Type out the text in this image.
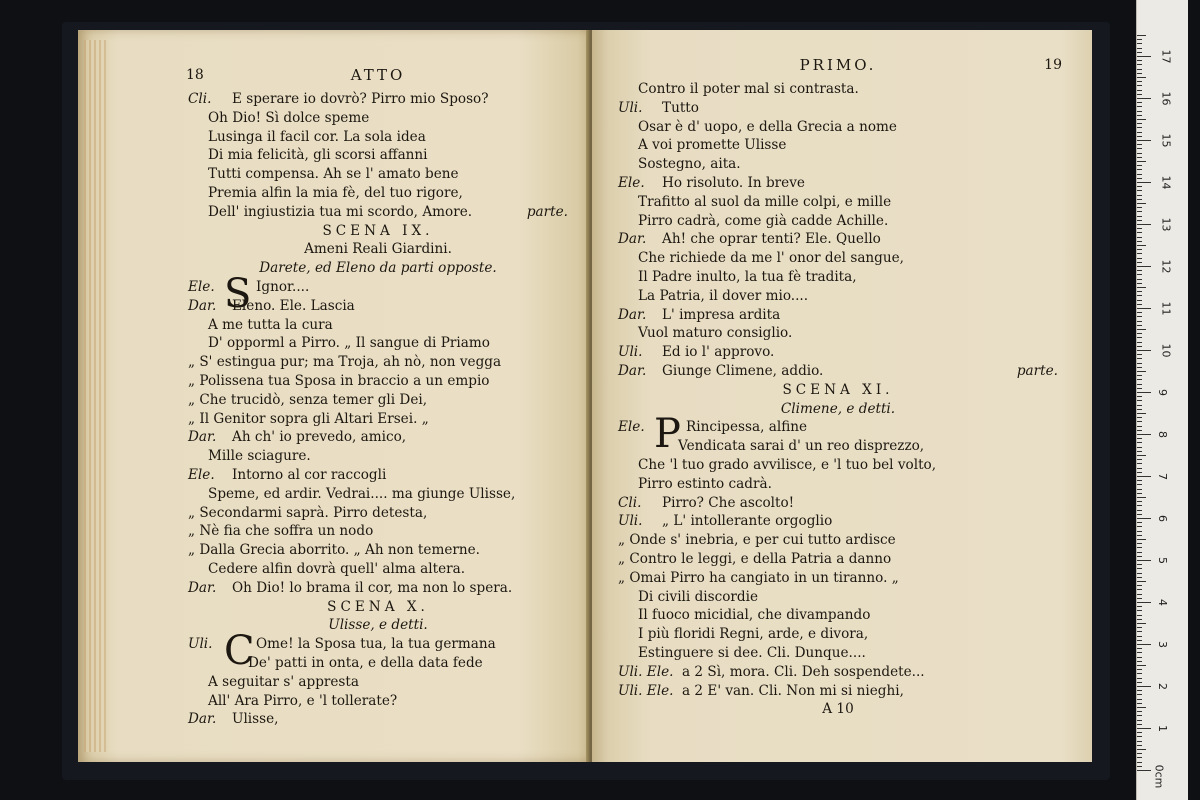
18	ATTO
Cli. E sperare io dovrò? Pirro mio Sposo?
Oh Dio! Sì dolce speme
Lusinga il facil cor. La sola idea
Di mia felicità, gli scorsi affanni
Tutti compensa. Ah se l' amato bene
Premia alfin la mia fè, del tuo rigore,
Dell' ingiustizia tua mi scordo, Amore.	parte.
SCENA IX.
Ameni Reali Giardini.
Darete, ed Eleno da parti opposte.
Ele. S Ignor....
Dar. Eleno. Ele. Lascia
A me tutta la cura
D' opporml a Pirro. „ Il sangue di Priamo
„ S' estingua pur; ma Troja, ah nò, non vegga
„ Polissena tua Sposa in braccio a un empio
„ Che trucidò, senza temer gli Dei,
„ Il Genitor sopra gli Altari Ersei. „
Dar. Ah ch' io prevedo, amico,
Mille sciagure.
Ele. Intorno al cor raccogli
Speme, ed ardir. Vedrai.... ma giunge Ulisse,
„ Secondarmi saprà. Pirro detesta,
„ Nè fia che soffra un nodo
„ Dalla Grecia aborrito. „ Ah non temerne.
Cedere alfin dovrà quell' alma altera.
Dar. Oh Dio! lo brama il cor, ma non lo spera.
SCENA X.
Ulisse, e detti.
Uli. C Ome! la Sposa tua, la tua germana
De' patti in onta, e della data fede
A seguitar s' appresta
All' Ara Pirro, e 'l tollerate?
Dar. Ulisse,
PRIMO.	19
Contro il poter mal si contrasta.
Uli. Tutto
Osar è d' uopo, e della Grecia a nome
A voi promette Ulisse
Sostegno, aita.
Ele. Ho risoluto. In breve
Trafitto al suol da mille colpi, e mille
Pirro cadrà, come già cadde Achille.
Dar. Ah! che oprar tenti? Ele. Quello
Che richiede da me l' onor del sangue,
Il Padre inulto, la tua fè tradita,
La Patria, il dover mio....
Dar. L' impresa ardita
Vuol maturo consiglio.
Uli. Ed io l' approvo.
Dar. Giunge Climene, addio.	parte.
SCENA XI.
Climene, e detti.
Ele. P Rincipessa, alfine
Vendicata sarai d' un reo disprezzo,
Che 'l tuo grado avvilisce, e 'l tuo bel volto,
Pirro estinto cadrà.
Cli. Pirro? Che ascolto!
Uli. „ L' intollerante orgoglio
„ Onde s' inebria, e per cui tutto ardisce
„ Contro le leggi, e della Patria a danno
„ Omai Pirro ha cangiato in un tiranno. „
Di civili discordie
Il fuoco micidial, che divampando
I più floridi Regni, arde, e divora,
Estinguere si dee. Cli. Dunque....
Uli. Ele. a 2 Sì, mora. Cli. Deh sospendete...
Uli. Ele. a 2 E' van. Cli. Non mi si nieghi,
A 10
0cm
1
2
3
4
5
6
7
8
9
10
11
12
13
14
15
16
17
